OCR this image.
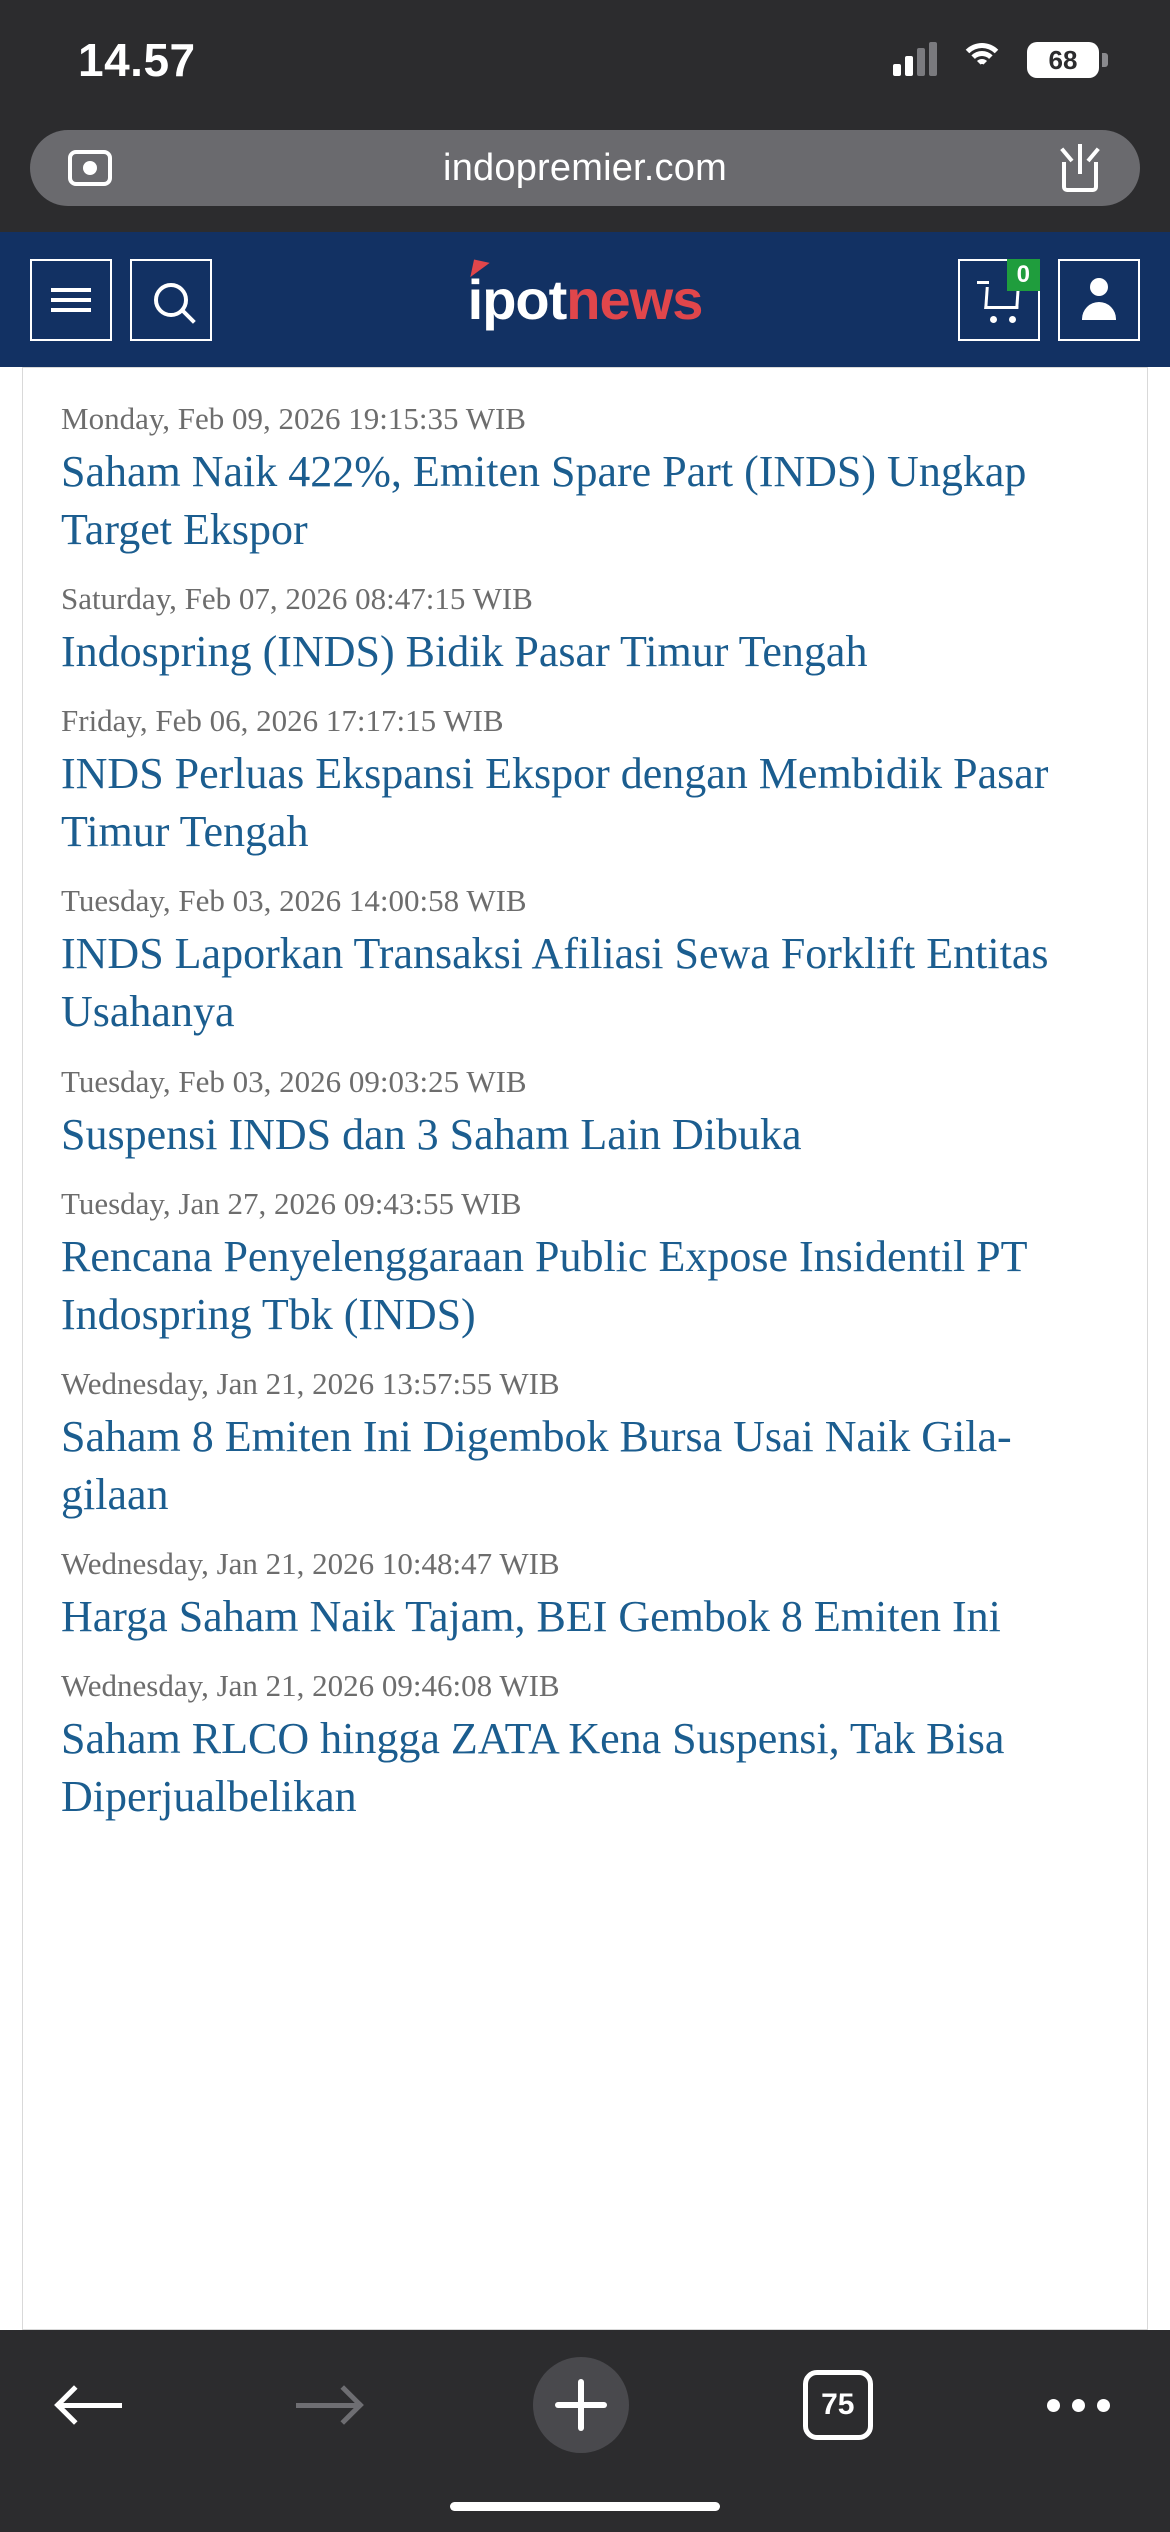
14.57	68
indopremier.com
ipot news	0
Monday, Feb 09, 2026 19:15:35 WIB
Saham Naik 422%, Emiten Spare Part (INDS) Ungkap Target Ekspor
Saturday, Feb 07, 2026 08:47:15 WIB
Indospring (INDS) Bidik Pasar Timur Tengah
Friday, Feb 06, 2026 17:17:15 WIB
INDS Perluas Ekspansi Ekspor dengan Membidik Pasar Timur Tengah
Tuesday, Feb 03, 2026 14:00:58 WIB
INDS Laporkan Transaksi Afiliasi Sewa Forklift Entitas Usahanya
Tuesday, Feb 03, 2026 09:03:25 WIB
Suspensi INDS dan 3 Saham Lain Dibuka
Tuesday, Jan 27, 2026 09:43:55 WIB
Rencana Penyelenggaraan Public Expose Insidentil PT Indospring Tbk (INDS)
Wednesday, Jan 21, 2026 13:57:55 WIB
Saham 8 Emiten Ini Digembok Bursa Usai Naik Gila-gilaan
Wednesday, Jan 21, 2026 10:48:47 WIB
Harga Saham Naik Tajam, BEI Gembok 8 Emiten Ini
Wednesday, Jan 21, 2026 09:46:08 WIB
Saham RLCO hingga ZATA Kena Suspensi, Tak Bisa Diperjualbelikan
75
